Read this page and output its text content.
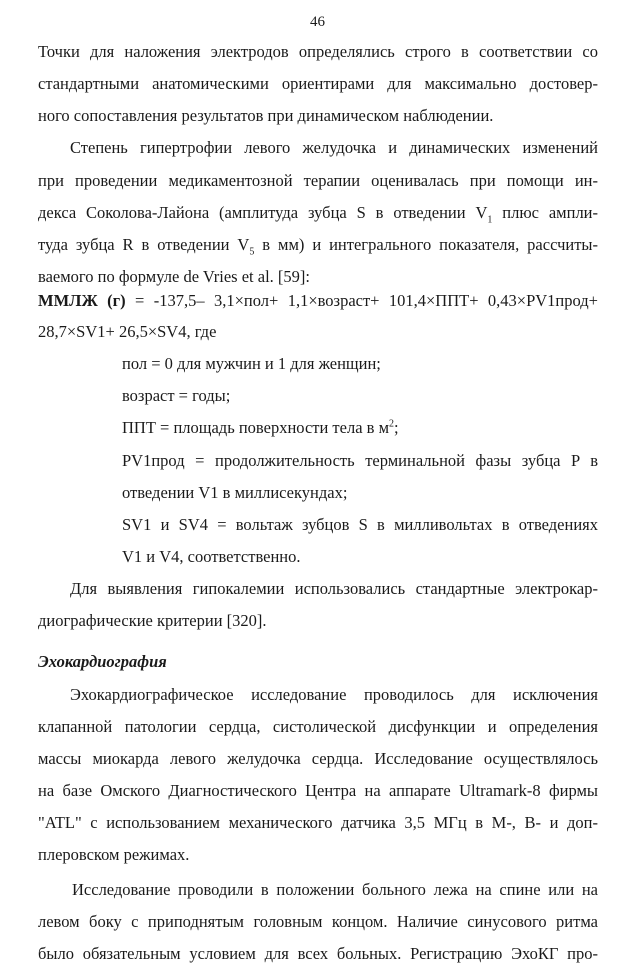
46
Точки для наложения электродов определялись строго в соответствии со
стандартными анатомическими ориентирами для максимально достовер-
ного сопоставления результатов при динамическом наблюдении.
Степень гипертрофии левого желудочка и динамических изменений
при проведении медикаментозной терапии оценивалась при помощи ин-
декса Соколова-Лайона (амплитуда зубца S в отведении $V_1$ плюс ампли-
туда зубца R в отведении $V_5$ в мм) и интегрального показателя, рассчиты-
ваемого по формуле de Vries et al. [59]:
ММЛЖ (г) = -137,5– 3,1×пол+ 1,1×возраст+ 101,4×ППТ+ 0,43×PV1прод+
28,7×SV1+ 26,5×SV4, где
пол = 0 для мужчин и 1 для женщин;
возраст = годы;
ППТ = площадь поверхности тела в $м^2$;
PV1прод = продолжительность терминальной фазы зубца P в
отведении V1 в миллисекундах;
SV1 и SV4 = вольтаж зубцов S в милливольтах в отведениях
V1 и V4, соответственно.
Для выявления гипокалемии использовались стандартные электрокар-
диографические критерии [320].
Эхокардиография
Эхокардиографическое исследование проводилось для исключения
клапанной патологии сердца, систолической дисфункции и определения
массы миокарда левого желудочка сердца. Исследование осуществлялось
на базе Омского Диагностического Центра на аппарате Ultramark-8 фирмы
"ATL" с использованием механического датчика 3,5 МГц в М-, В- и доп-
плеровском режимах.
Исследование проводили в положении больного лежа на спине или на
левом боку с приподнятым головным концом. Наличие синусового ритма
было обязательным условием для всех больных. Регистрацию ЭхоКГ про-
